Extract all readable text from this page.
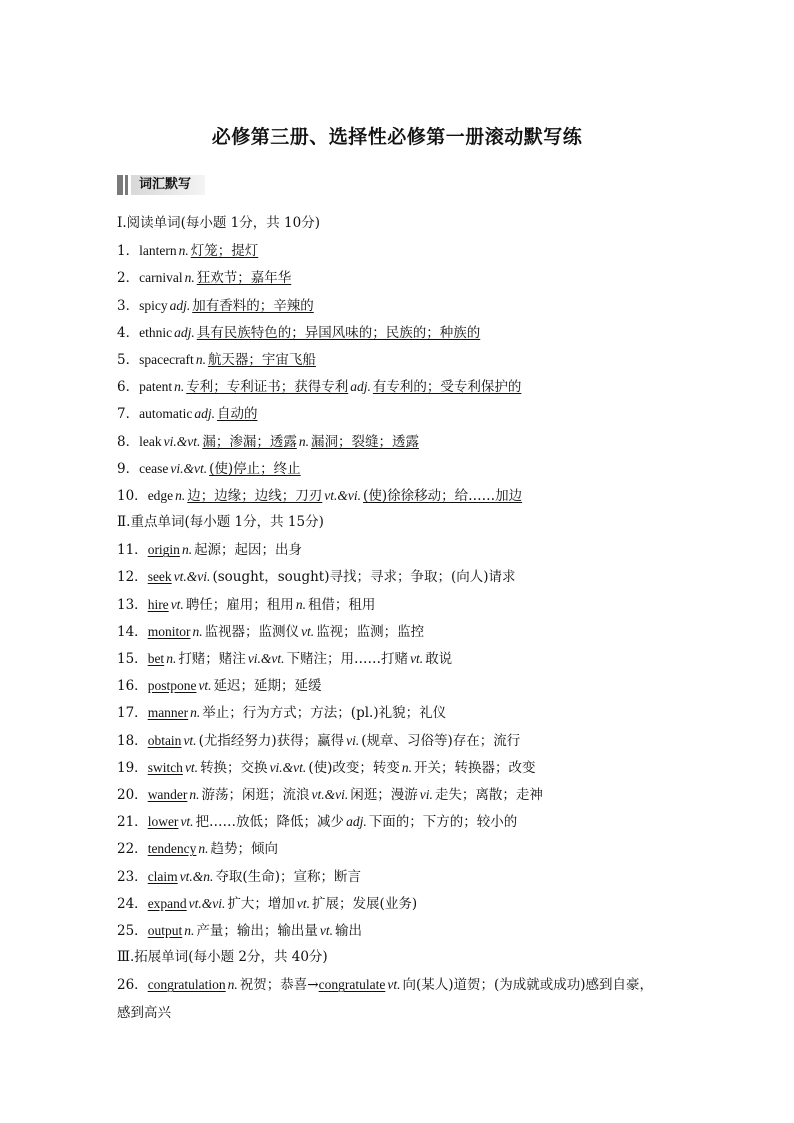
必修第三册、选择性必修第一册滚动默写练
词汇默写
Ⅰ.阅读单词(每小题 1分，共 10分)
1．lantern n. 灯笼；提灯
2．carnival n. 狂欢节；嘉年华
3．spicy adj. 加有香料的；辛辣的
4．ethnic adj. 具有民族特色的；异国风味的；民族的；种族的
5．spacecraft n. 航天器；宇宙飞船
6．patent n. 专利；专利证书；获得专利 adj. 有专利的；受专利保护的
7．automatic adj. 自动的
8．leak vi.&vt. 漏；渗漏；透露 n. 漏洞；裂缝；透露
9．cease vi.&vt. (使)停止；终止
10．edge n. 边；边缘；边线；刀刃 vt.&vi. (使)徐徐移动；给……加边
Ⅱ.重点单词(每小题 1分，共 15分)
11．origin n. 起源；起因；出身
12．seek vt.&vi. (sought，sought)寻找；寻求；争取；(向人)请求
13．hire vt. 聘任；雇用；租用 n. 租借；租用
14．monitor n. 监视器；监测仪 vt. 监视；监测；监控
15．bet n. 打赌；赌注 vi.&vt. 下赌注；用……打赌 vt. 敢说
16．postpone vt. 延迟；延期；延缓
17．manner n. 举止；行为方式；方法；(pl.)礼貌；礼仪
18．obtain vt. (尤指经努力)获得；赢得 vi. (规章、习俗等)存在；流行
19．switch vt. 转换；交换 vi.&vt. (使)改变；转变 n. 开关；转换器；改变
20．wander n. 游荡；闲逛；流浪 vt.&vi. 闲逛；漫游 vi. 走失；离散；走神
21．lower vt. 把……放低；降低；减少 adj. 下面的；下方的；较小的
22．tendency n. 趋势；倾向
23．claim vt.&n. 夺取(生命)；宣称；断言
24．expand vt.&vi. 扩大；增加 vt. 扩展；发展(业务)
25．output n. 产量；输出；输出量 vt. 输出
Ⅲ.拓展单词(每小题 2分，共 40分)
26．congratulation n. 祝贺；恭喜→congratulate vt. 向(某人)道贺；(为成就或成功)感到自豪，
感到高兴
